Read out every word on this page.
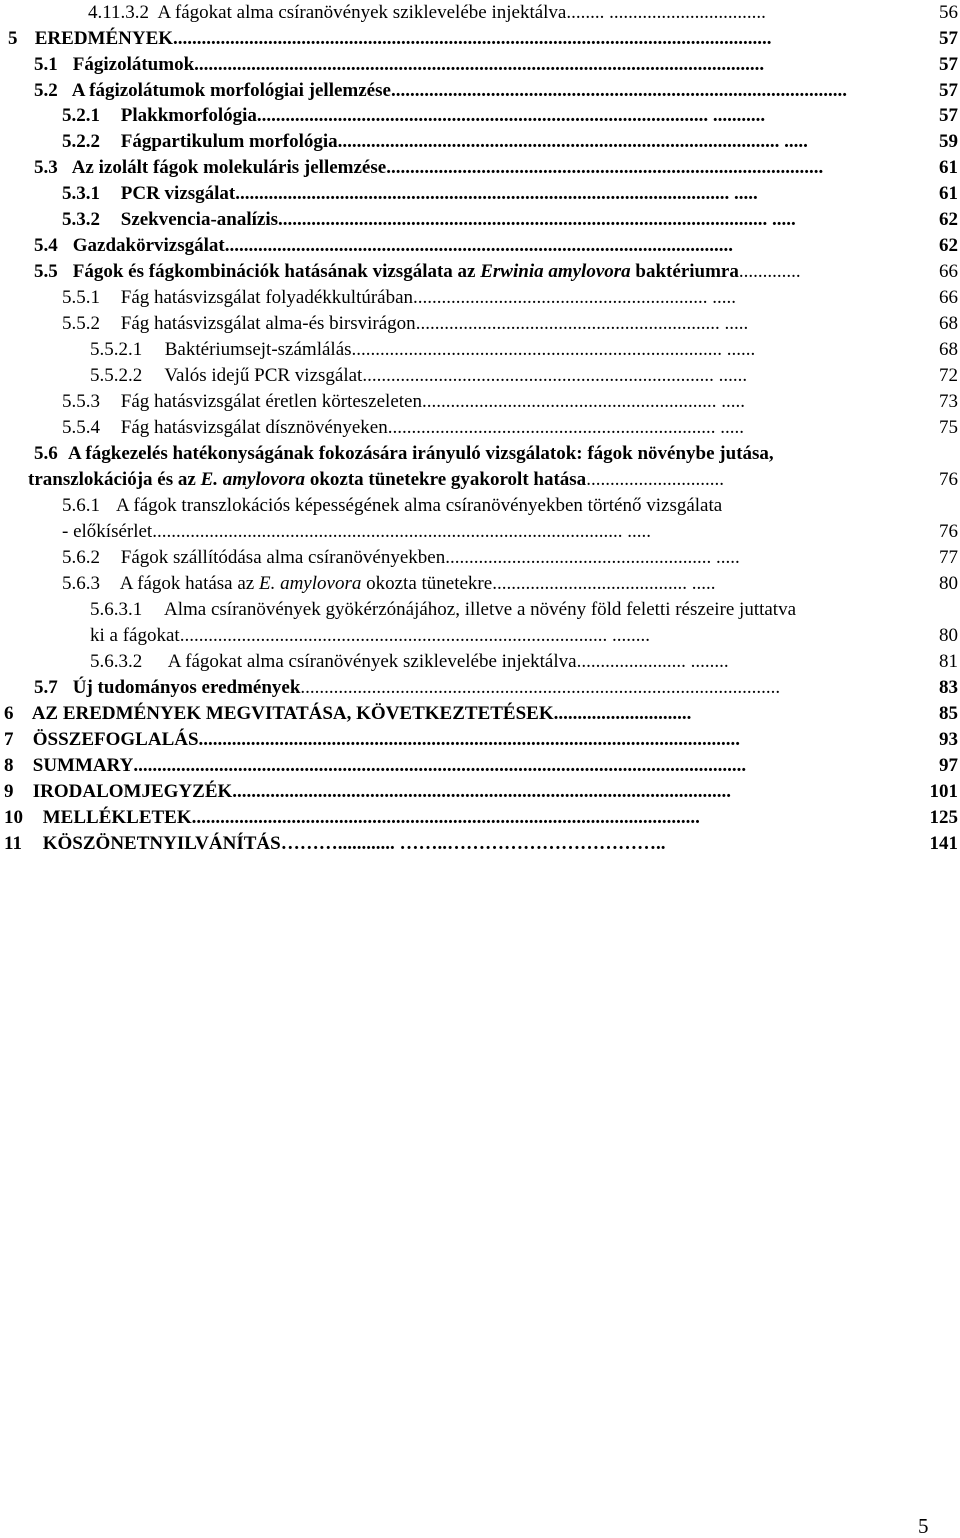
4.11.3.2 A fágokat alma csíranövények sziklevelébe injektálva ........ .................................	56
5 EREDMÉNYEK ..............................................................................................................................	57
5.1 Fágizolátumok ........................................................................................................................	57
5.2 A fágizolátumok morfológiai jellemzése ................................................................................................	57
5.2.1 Plakkmorfológia ............................................................................................... ...........	57
5.2.2 Fágpartikulum morfológia ............................................................................................. .....	59
5.3 Az izolált fágok molekuláris jellemzése ............................................................................................	61
5.3.1 PCR vizsgálat ........................................................................................................ .....	61
5.3.2 Szekvencia-analízis ....................................................................................................... .....	62
5.4 Gazdakörvizsgálat ...........................................................................................................	62
5.5 Fágok és fágkombinációk hatásának vizsgálata az Erwinia amylovora baktériumra .............	66
5.5.1 Fág hatásvizsgálat folyadékkultúrában .............................................................. .....	66
5.5.2 Fág hatásvizsgálat alma-és birsvirágon ................................................................ .....	68
5.5.2.1 Baktériumsejt-számlálás .............................................................................. ......	68
5.5.2.2 Valós idejű PCR vizsgálat .......................................................................... ......	72
5.5.3 Fág hatásvizsgálat éretlen körteszeleten .............................................................. .....	73
5.5.4 Fág hatásvizsgálat dísznövényeken ..................................................................... .....	75
5.6 A fágkezelés hatékonyságának fokozására irányuló vizsgálatok: fágok növénybe jutása,
transzlokációja és az E. amylovora okozta tünetekre gyakorolt hatása .............................	76
5.6.1 A fágok transzlokációs képességének alma csíranövényekben történő vizsgálata
- előkísérlet ................................................................................................... .....	76
5.6.2 Fágok szállítódása alma csíranövényekben ........................................................ .....	77
5.6.3 A fágok hatása az E. amylovora okozta tünetekre ......................................... .....	80
5.6.3.1 Alma csíranövények gyökérzónájához, illetve a növény föld feletti részeire juttatva
ki a fágokat .......................................................................................... ........	80
5.6.3.2 A fágokat alma csíranövények sziklevelébe injektálva ....................... ........	81
5.7 Új tudományos eredmények .....................................................................................................	83
6 AZ EREDMÉNYEK MEGVITATÁSA, KÖVETKEZTETÉSEK .............................	85
7 ÖSSZEFOGLALÁS ..................................................................................................................	93
8 SUMMARY .................................................................................................................................	97
9 IRODALOMJEGYZÉK .........................................................................................................	101
10 MELLÉKLETEK ...........................................................................................................	125
11 KÖSZÖNETNYILVÁNÍTÁS ………............ ……..……………………………..	141
5
